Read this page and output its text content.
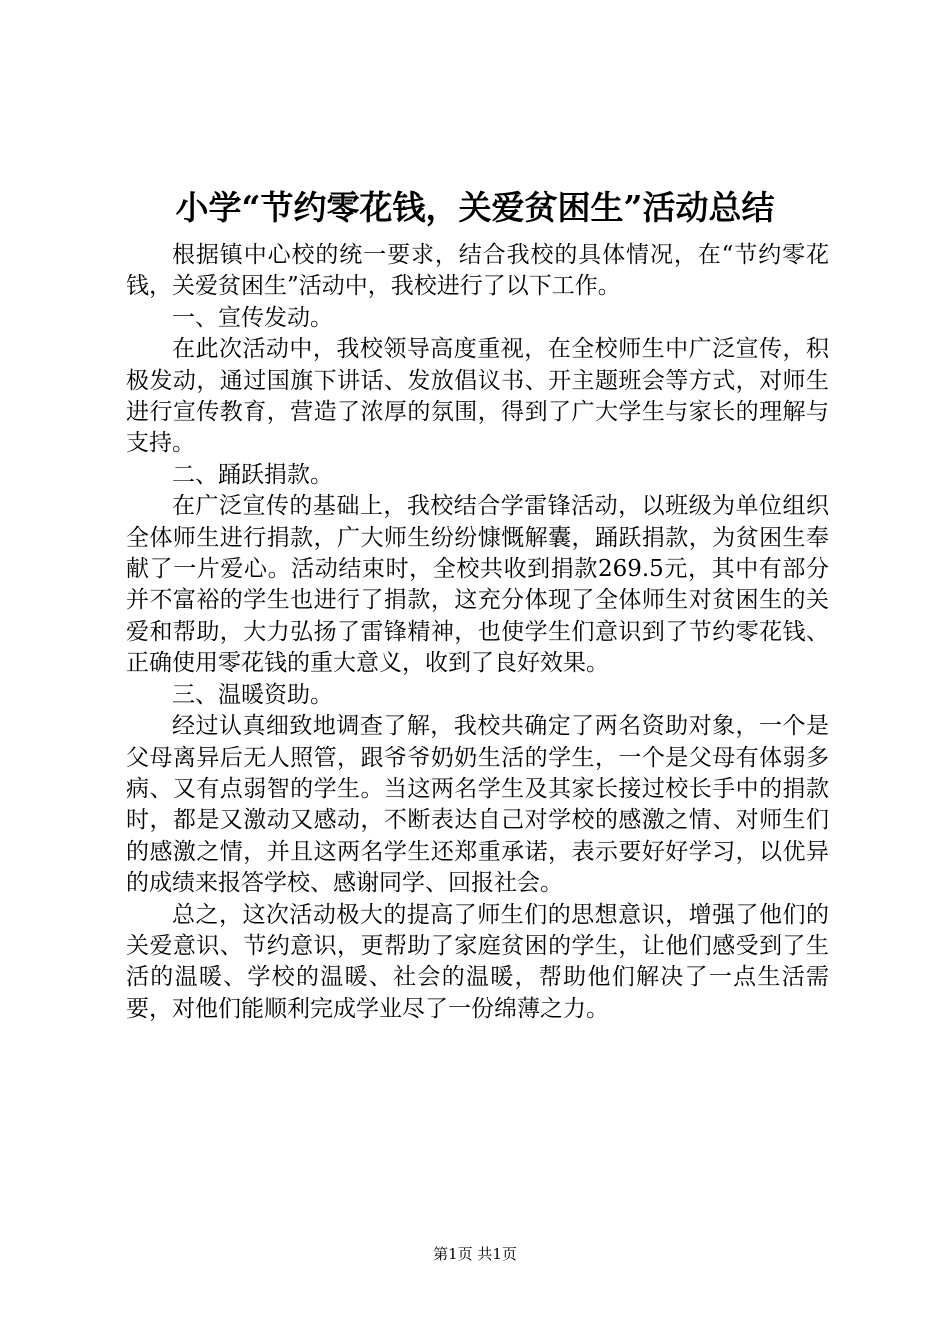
小学“节约零花钱，关爱贫困生”活动总结

根据镇中心校的统一要求，结合我校的具体情况，在“节约零花钱，关爱贫困生”活动中，我校进行了以下工作。

一、宣传发动。

在此次活动中，我校领导高度重视，在全校师生中广泛宣传，积极发动，通过国旗下讲话、发放倡议书、开主题班会等方式，对师生进行宣传教育，营造了浓厚的氛围，得到了广大学生与家长的理解与支持。

二、踊跃捐款。

在广泛宣传的基础上，我校结合学雷锋活动，以班级为单位组织全体师生进行捐款，广大师生纷纷慷慨解囊，踊跃捐款，为贫困生奉献了一片爱心。活动结束时，全校共收到捐款269.5元，其中有部分并不富裕的学生也进行了捐款，这充分体现了全体师生对贫困生的关爱和帮助，大力弘扬了雷锋精神，也使学生们意识到了节约零花钱、正确使用零花钱的重大意义，收到了良好效果。

三、温暖资助。

经过认真细致地调查了解，我校共确定了两名资助对象，一个是父母离异后无人照管，跟爷爷奶奶生活的学生，一个是父母有体弱多病、又有点弱智的学生。当这两名学生及其家长接过校长手中的捐款时，都是又激动又感动，不断表达自己对学校的感激之情、对师生们的感激之情，并且这两名学生还郑重承诺，表示要好好学习，以优异的成绩来报答学校、感谢同学、回报社会。

总之，这次活动极大的提高了师生们的思想意识，增强了他们的关爱意识、节约意识，更帮助了家庭贫困的学生，让他们感受到了生活的温暖、学校的温暖、社会的温暖，帮助他们解决了一点生活需要，对他们能顺利完成学业尽了一份绵薄之力。

第1页 共1页
